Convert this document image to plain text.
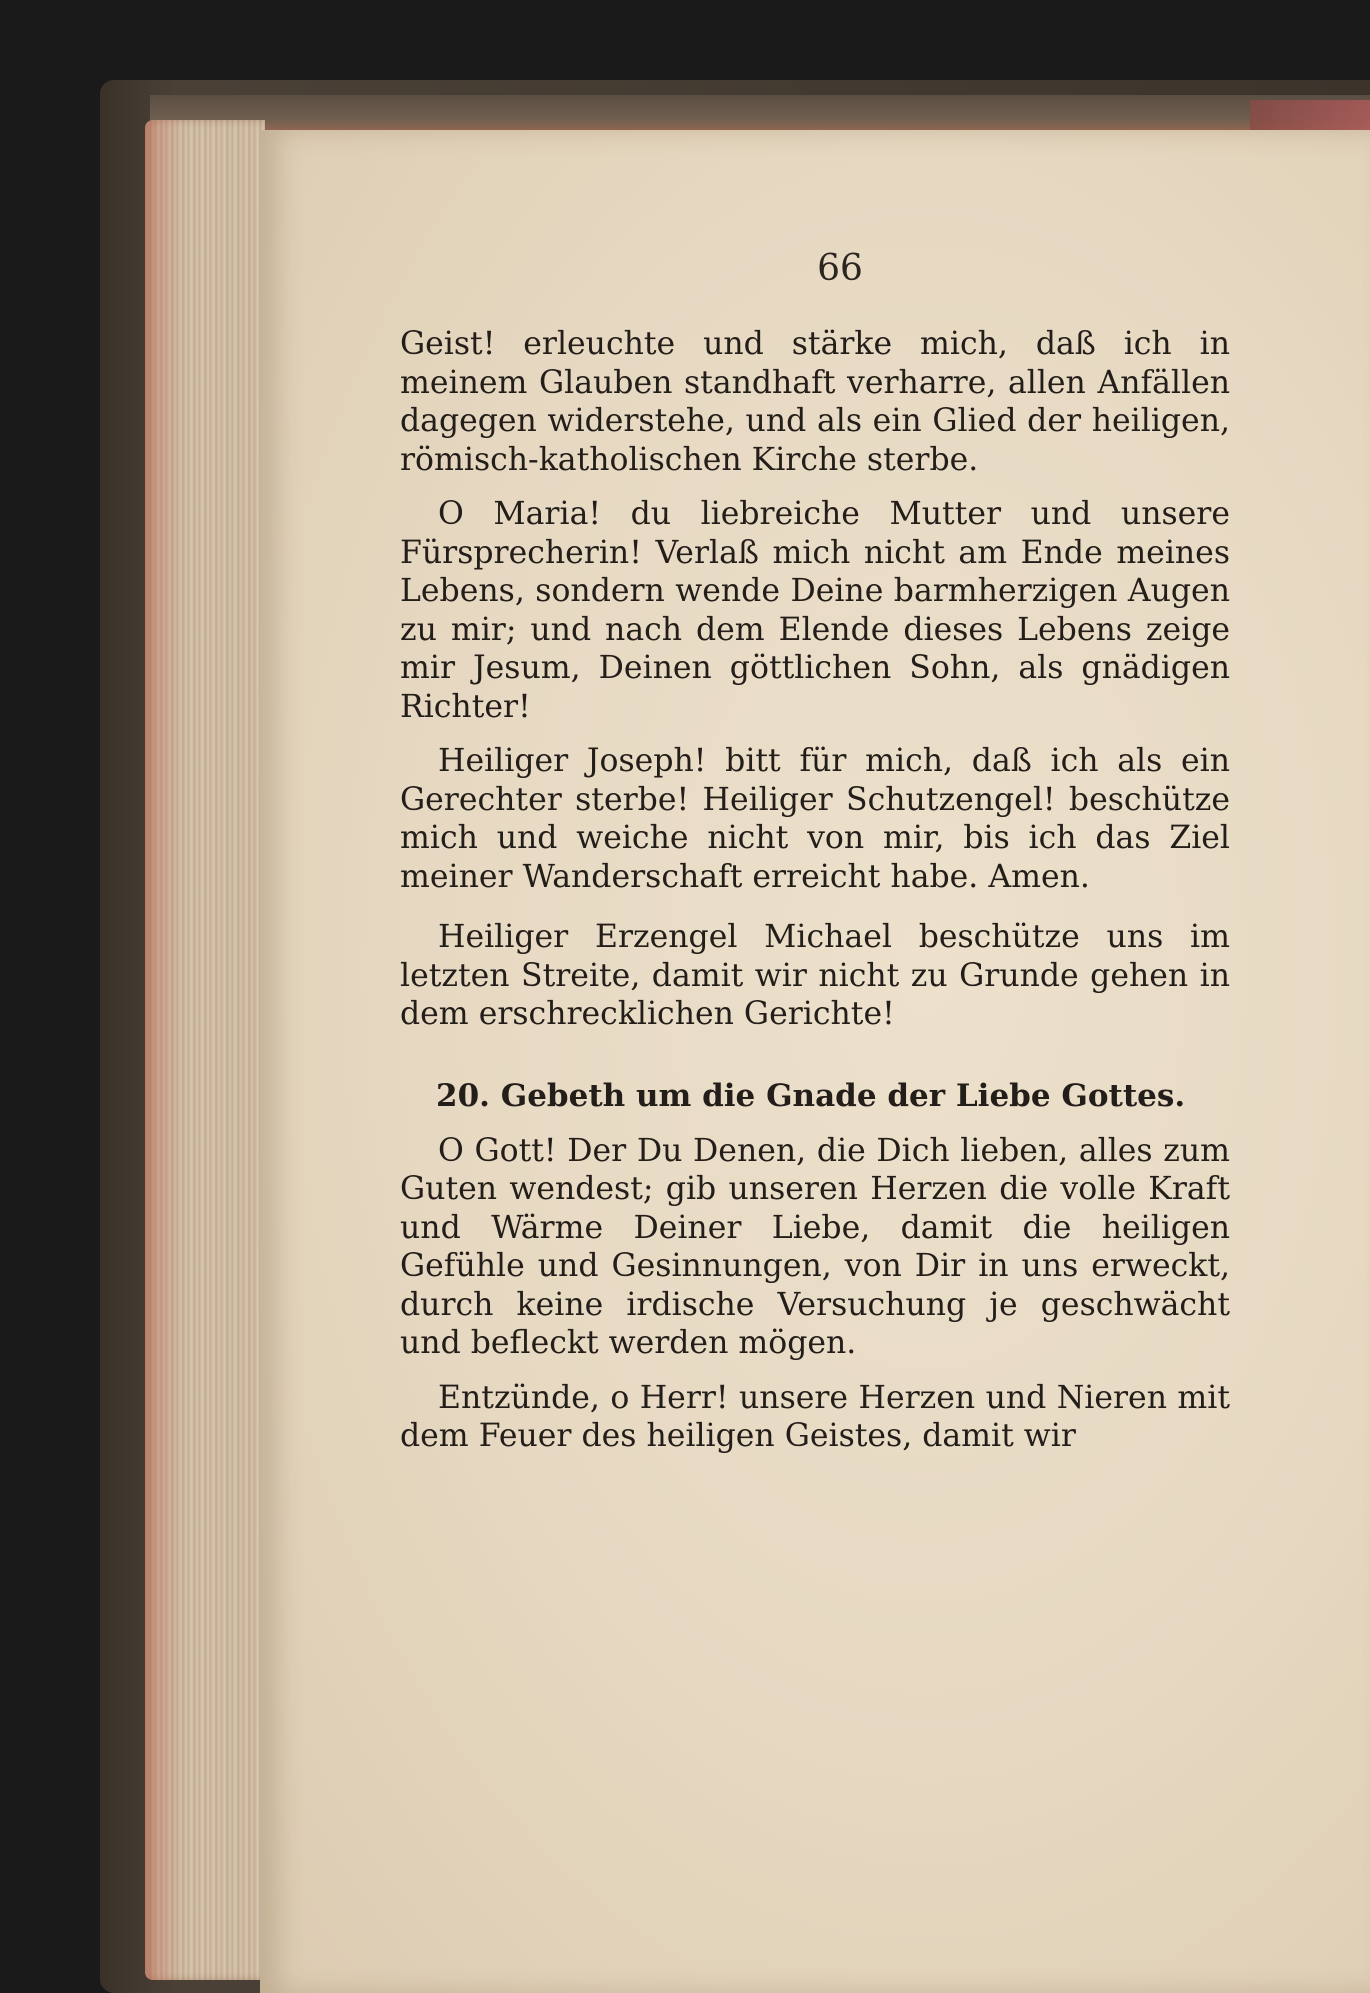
66

Geist! erleuchte und stärke mich, daß ich in meinem Glauben standhaft verharre, allen Anfällen dagegen widerstehe, und als ein Glied der heiligen, römisch-katholischen Kirche sterbe.

O Maria! du liebreiche Mutter und unsere Fürsprecherin! Verlaß mich nicht am Ende meines Lebens, sondern wende Deine barmherzigen Augen zu mir; und nach dem Elende dieses Lebens zeige mir Jesum, Deinen göttlichen Sohn, als gnädigen Richter!

Heiliger Joseph! bitt für mich, daß ich als ein Gerechter sterbe! Heiliger Schutzengel! beschütze mich und weiche nicht von mir, bis ich das Ziel meiner Wanderschaft erreicht habe. Amen.

Heiliger Erzengel Michael beschütze uns im letzten Streite, damit wir nicht zu Grunde gehen in dem erschrecklichen Gerichte!

20. Gebeth um die Gnade der Liebe Gottes.

O Gott! Der Du Denen, die Dich lieben, alles zum Guten wendest; gib unseren Herzen die volle Kraft und Wärme Deiner Liebe, damit die heiligen Gefühle und Gesinnungen, von Dir in uns erweckt, durch keine irdische Versuchung je geschwächt und befleckt werden mögen.

Entzünde, o Herr! unsere Herzen und Nieren mit dem Feuer des heiligen Geistes, damit wir
